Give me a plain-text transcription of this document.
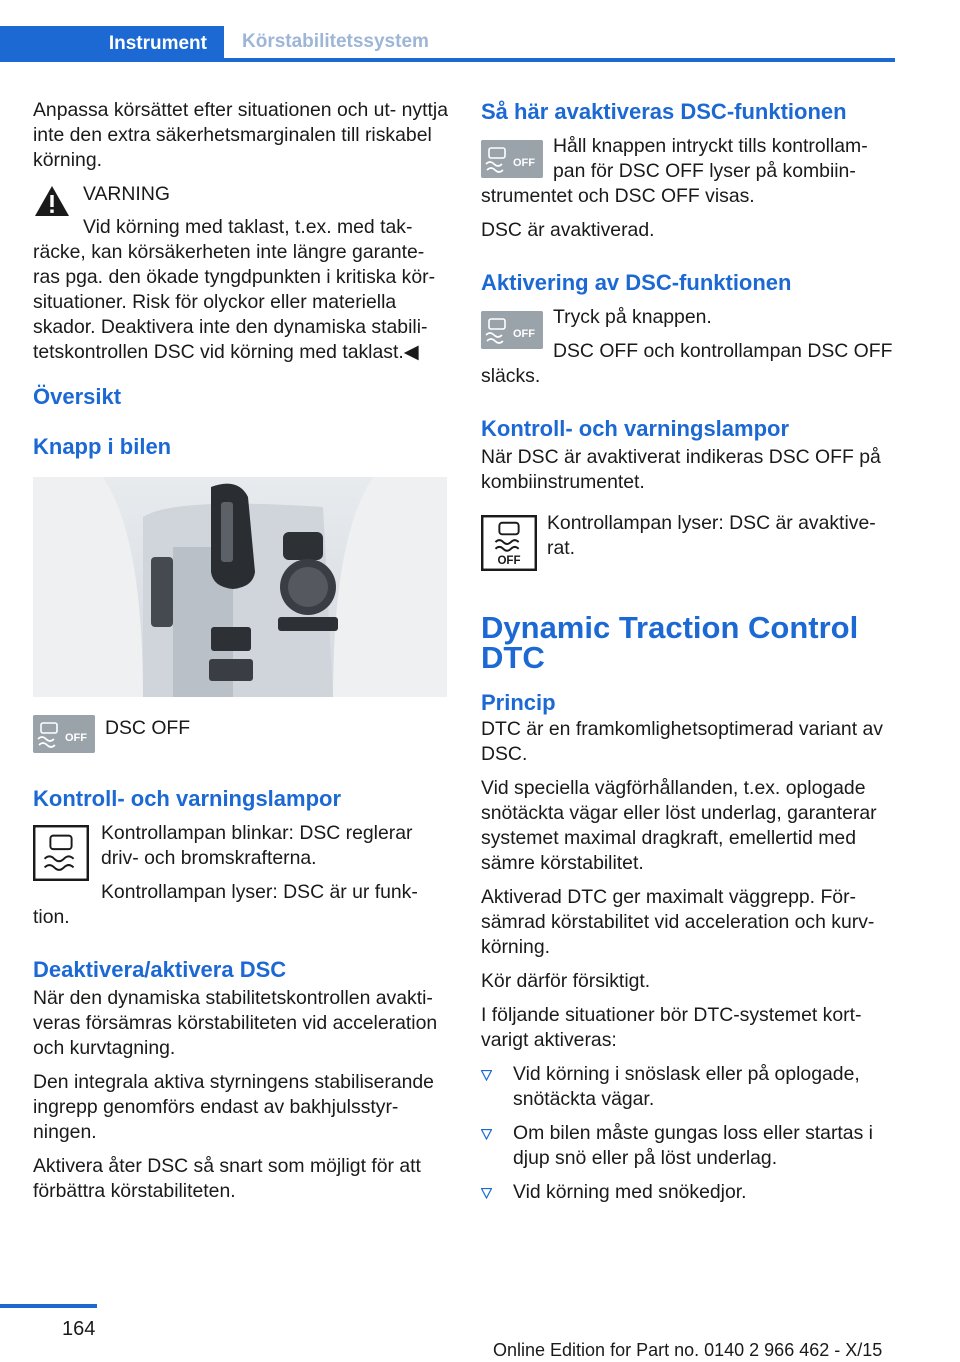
Instrument	Körstabilitetssystem

Anpassa körsättet efter situationen och ut- nyttja inte den extra säkerhetsmarginalen till riskabel körning.

VARNING
Vid körning med taklast, t.ex. med tak- räcke, kan körsäkerheten inte längre garante- ras pga. den ökade tyngdpunkten i kritiska kör- situationer. Risk för olyckor eller materiella skador. Deaktivera inte den dynamiska stabili- tetskontrollen DSC vid körning med taklast.◀
Översikt
Knapp i bilen
OFF DSC OFF
Kontroll- och varningslampor

Kontrollampan blinkar: DSC reglerar driv- och bromskrafterna.

Kontrollampan lyser: DSC är ur funk- tion.

Deaktivera/aktivera DSC

När den dynamiska stabilitetskontrollen avakti- veras försämras körstabiliteten vid acceleration och kurvtagning.

Den integrala aktiva styrningens stabiliserande ingrepp genomförs endast av bakhjulsstyr- ningen.

Aktivera åter DSC så snart som möjligt för att förbättra körstabiliteten.

Så här avaktiveras DSC-funktionen
OFF

Håll knappen intryckt tills kontrollam- pan för DSC OFF lyser på kombiin- strumentet och DSC OFF visas.

DSC är avaktiverad.

Aktivering av DSC-funktionen
OFF

Tryck på knappen.

DSC OFF och kontrollampan DSC OFF släcks.

Kontroll- och varningslampor

När DSC är avaktiverat indikeras DSC OFF på kombiinstrumentet.

OFF

Kontrollampan lyser: DSC är avaktive- rat.

Dynamic Traction Control DTC
Princip

DTC är en framkomlighetsoptimerad variant av DSC.

Vid speciella vägförhållanden, t.ex. oplogade snötäckta vägar eller löst underlag, garanterar systemet maximal dragkraft, emellertid med sämre körstabilitet.

Aktiverad DTC ger maximalt väggrepp. För- sämrad körstabilitet vid acceleration och kurv- körning.

Kör därför försiktigt.

I följande situationer bör DTC-systemet kort- varigt aktiveras:

Vid körning i snöslask eller på oplogade, snötäckta vägar.
Om bilen måste gungas loss eller startas i djup snö eller på löst underlag.
Vid körning med snökedjor.
164
Online Edition for Part no. 0140 2 966 462 - X/15
